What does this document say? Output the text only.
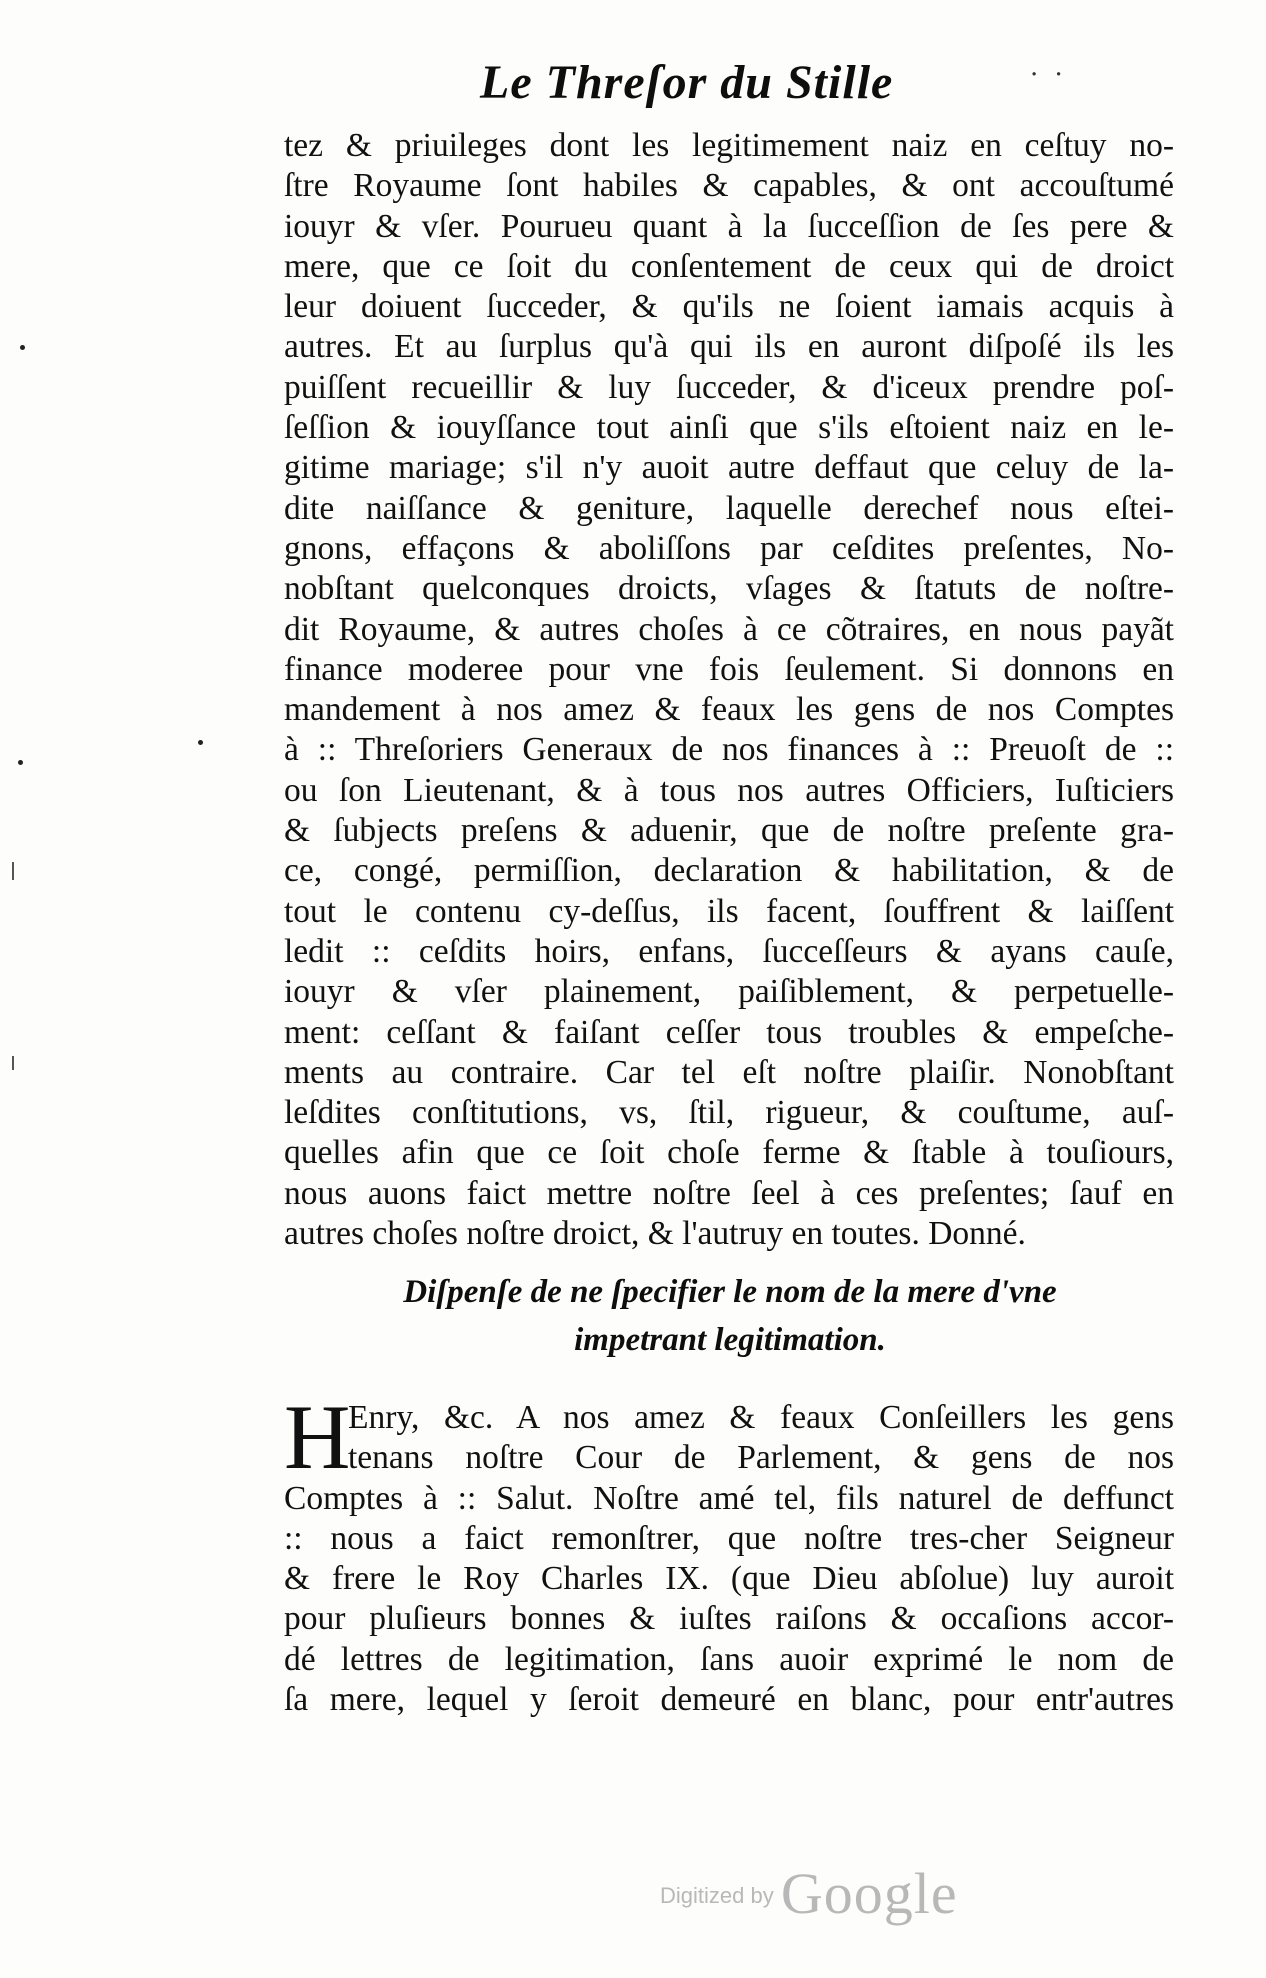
Le Threſor du Stille	· ·
tez & priuileges dont les legitimement naiz en ceſtuy no-
ſtre Royaume ſont habiles & capables, & ont accouſtumé
iouyr & vſer. Pourueu quant à la ſucceſſion de ſes pere &
mere, que ce ſoit du conſentement de ceux qui de droict
leur doiuent ſucceder, & qu'ils ne ſoient iamais acquis à
autres. Et au ſurplus qu'à qui ils en auront diſpoſé ils les
puiſſent recueillir & luy ſucceder, & d'iceux prendre poſ-
ſeſſion & iouyſſance tout ainſi que s'ils eſtoient naiz en le-
gitime mariage; s'il n'y auoit autre deffaut que celuy de la-
dite naiſſance & geniture, laquelle derechef nous eſtei-
gnons, effaçons & aboliſſons par ceſdites preſentes, No-
nobſtant quelconques droicts, vſages & ſtatuts de noſtre-
dit Royaume, & autres choſes à ce cõtraires, en nous payãt
finance moderee pour vne fois ſeulement. Si donnons en
mandement à nos amez & feaux les gens de nos Comptes
à :: Threſoriers Generaux de nos finances à :: Preuoſt de ::
ou ſon Lieutenant, & à tous nos autres Officiers, Iuſticiers
& ſubjects preſens & aduenir, que de noſtre preſente gra-
ce, congé, permiſſion, declaration & habilitation, & de
tout le contenu cy-deſſus, ils facent, ſouffrent & laiſſent
ledit :: ceſdits hoirs, enfans, ſucceſſeurs & ayans cauſe,
iouyr & vſer plainement, paiſiblement, & perpetuelle-
ment: ceſſant & faiſant ceſſer tous troubles & empeſche-
ments au contraire. Car tel eſt noſtre plaiſir. Nonobſtant
leſdites conſtitutions, vs, ſtil, rigueur, & couſtume, auſ-
quelles afin que ce ſoit choſe ferme & ſtable à touſiours,
nous auons faict mettre noſtre ſeel à ces preſentes; ſauf en
autres choſes noſtre droict, & l'autruy en toutes. Donné.
Diſpenſe de ne ſpecifier le nom de la mere d'vne
impetrant legitimation.
H
Enry, &c. A nos amez & feaux Conſeillers les gens
tenans noſtre Cour de Parlement, & gens de nos
Comptes à :: Salut. Noſtre amé tel, fils naturel de deffunct
:: nous a faict remonſtrer, que noſtre tres-cher Seigneur
& frere le Roy Charles IX. (que Dieu abſolue) luy auroit
pour pluſieurs bonnes & iuſtes raiſons & occaſions accor-
dé lettres de legitimation, ſans auoir exprimé le nom de
ſa mere, lequel y ſeroit demeuré en blanc, pour entr'autres
Digitized by Google
